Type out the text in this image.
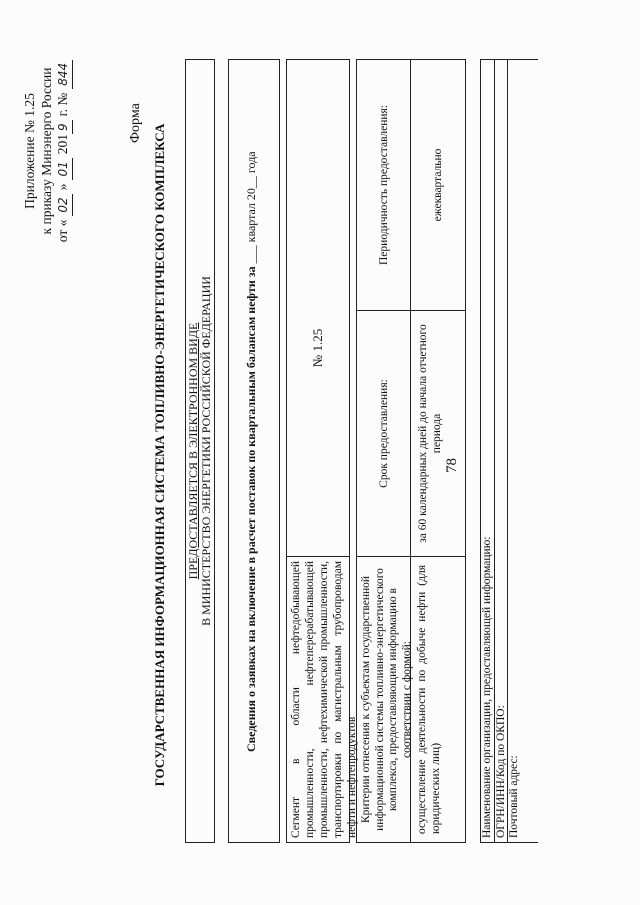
78
Приложение № 1.25 к приказу Минэнерго России от «
02
»
01
2019
г. №
844
Форма
ГОСУДАРСТВЕННАЯ ИНФОРМАЦИОННАЯ СИСТЕМА ТОПЛИВНО-ЭНЕРГЕТИЧЕСКОГО КОМПЛЕКСА ПРЕДОСТАВЛЯЕТСЯ В ЭЛЕКТРОННОМ ВИДЕ В МИНИСТЕРСТВО ЭНЕРГЕТИКИ РОССИЙСКОЙ ФЕДЕРАЦИИ	Сведения о заявках на включение в расчет поставок по квартальным балансам нефти за ___ квартал 20__ года
Сегмент в области нефтедобывающей промышленности, нефтеперерабатывающей промышленности, нефтехимической промышленности, транспортировки по магистральным трубопроводам нефти и нефтепродуктов
№ 1.25
Критерии отнесения к субъектам государственной информационной системы топливно-энергетического комплекса, предоставляющим информацию в соответствии с формой:
Срок предоставления:
Периодичность предоставления:
осуществление деятельности по добыче нефти (для юридических лиц)
за 60 календарных дней до начала отчетного периода
ежеквартально
Наименование организации, предоставляющей информацию: ОГРН/ИНН/Код по ОКПО: Почтовый адрес:
